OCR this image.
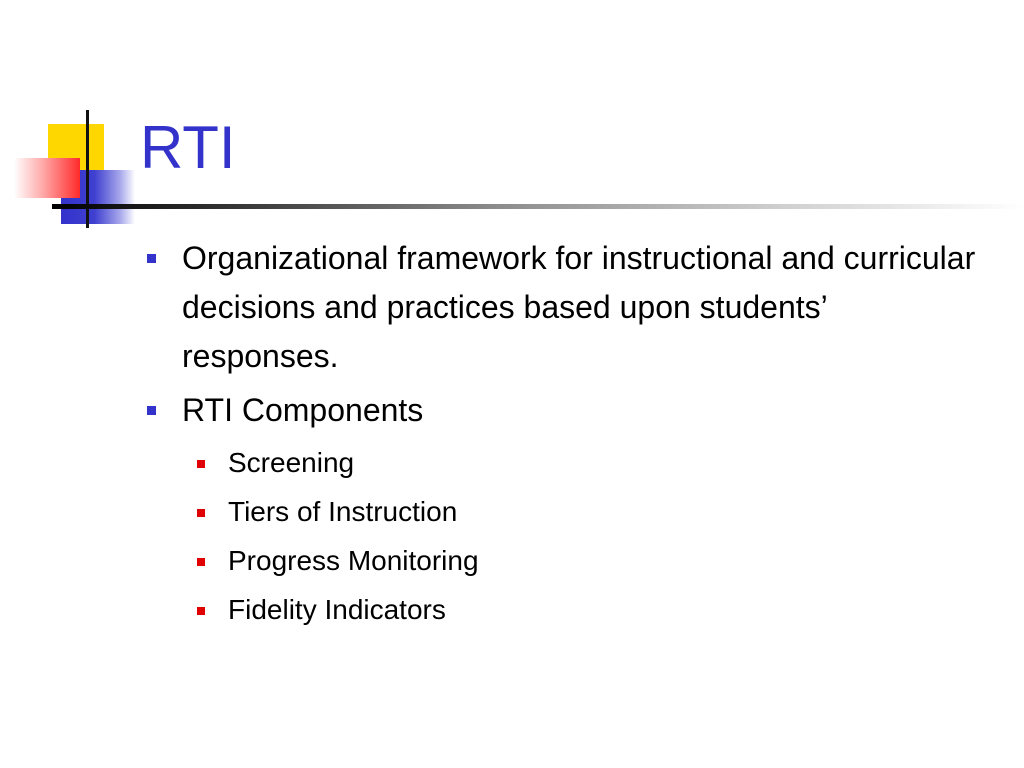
RTI
Organizational framework for instructional and curricular decisions and practices based upon students’ responses.
RTI Components
Screening
Tiers of Instruction
Progress Monitoring
Fidelity Indicators
